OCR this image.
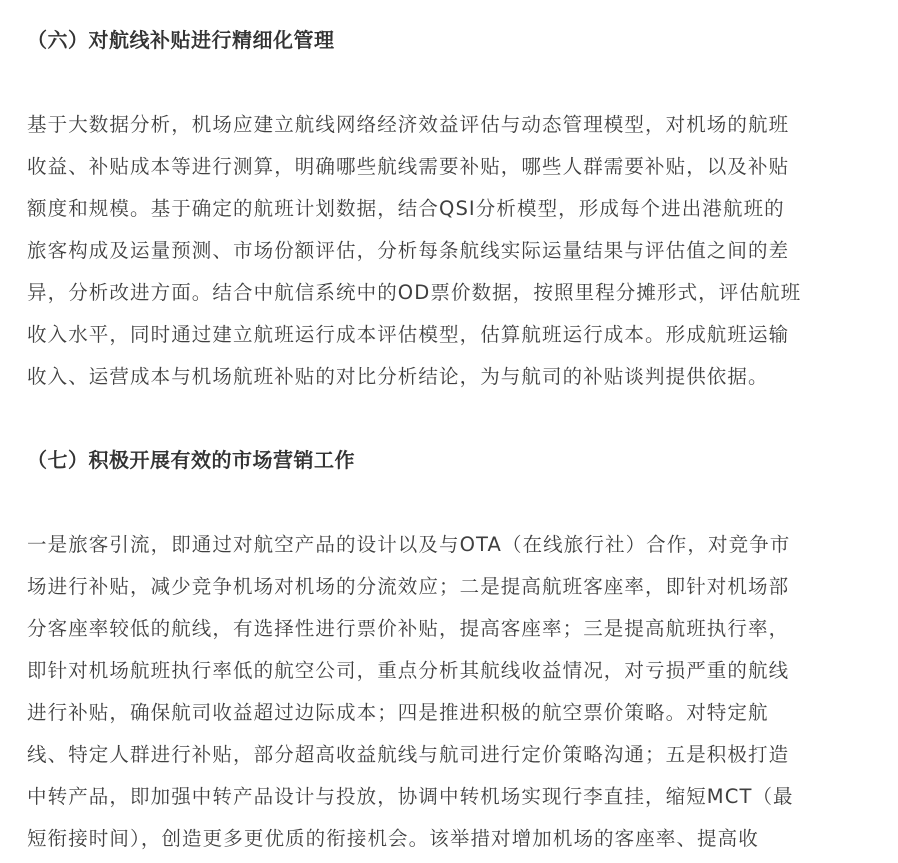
（六）对航线补贴进行精细化管理
基于大数据分析，机场应建立航线网络经济效益评估与动态管理模型，对机场的航班
收益、补贴成本等进行测算，明确哪些航线需要补贴，哪些人群需要补贴，以及补贴
额度和规模。基于确定的航班计划数据，结合QSI分析模型，形成每个进出港航班的
旅客构成及运量预测、市场份额评估，分析每条航线实际运量结果与评估值之间的差
异，分析改进方面。结合中航信系统中的OD票价数据，按照里程分摊形式，评估航班
收入水平，同时通过建立航班运行成本评估模型，估算航班运行成本。形成航班运输
收入、运营成本与机场航班补贴的对比分析结论，为与航司的补贴谈判提供依据。
（七）积极开展有效的市场营销工作
一是旅客引流，即通过对航空产品的设计以及与OTA（在线旅行社）合作，对竞争市
场进行补贴，减少竞争机场对机场的分流效应；二是提高航班客座率，即针对机场部
分客座率较低的航线，有选择性进行票价补贴，提高客座率；三是提高航班执行率，
即针对机场航班执行率低的航空公司，重点分析其航线收益情况，对亏损严重的航线
进行补贴，确保航司收益超过边际成本；四是推进积极的航空票价策略。对特定航
线、特定人群进行补贴，部分超高收益航线与航司进行定价策略沟通；五是积极打造
中转产品，即加强中转产品设计与投放，协调中转机场实现行李直挂，缩短MCT（最
短衔接时间），创造更多更优质的衔接机会。该举措对增加机场的客座率、提高收
